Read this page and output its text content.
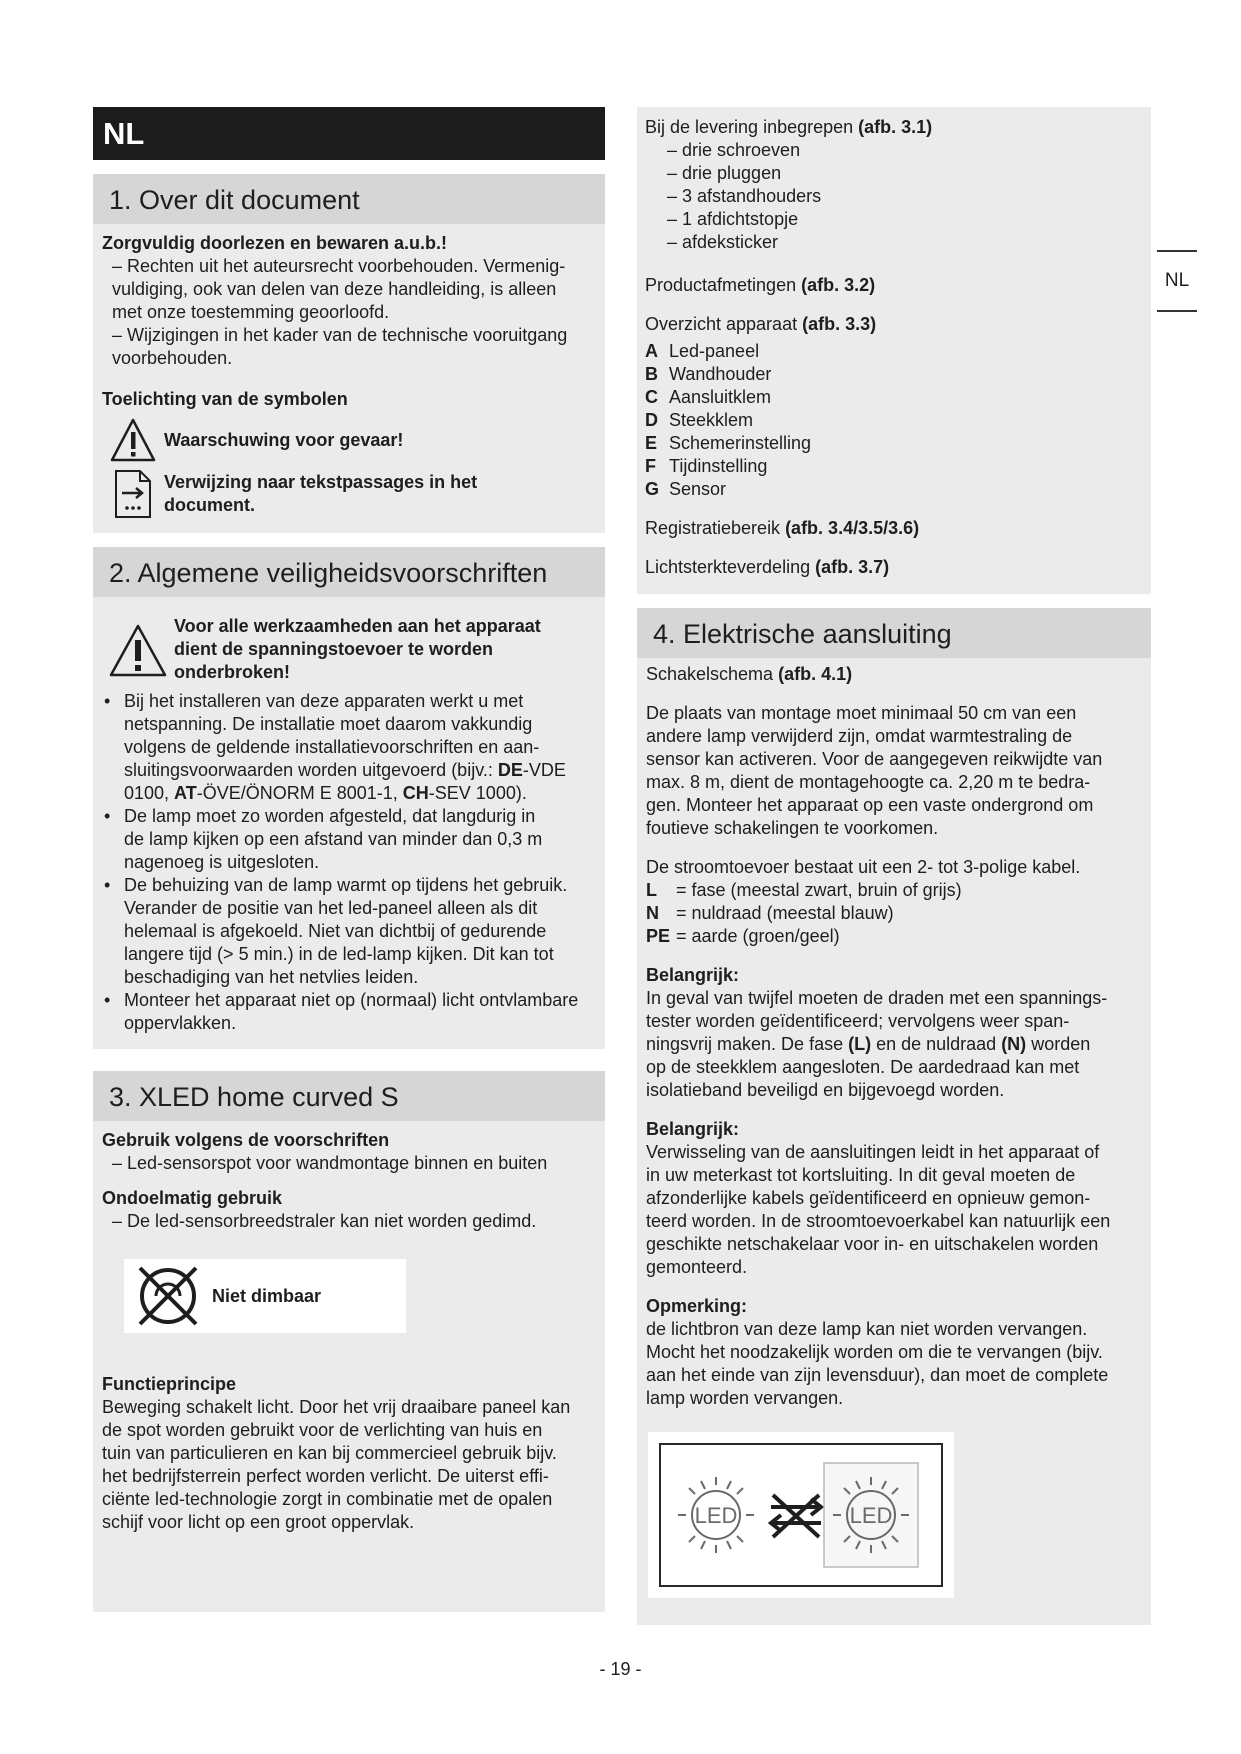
NL
1. Over dit document
Zorgvuldig doorlezen en bewaren a.u.b.!
– Rechten uit het auteursrecht voorbehouden. Vermenig-
vuldiging, ook van delen van deze handleiding, is alleen
met onze toestemming geoorloofd.
– Wijzigingen in het kader van de technische vooruitgang
voorbehouden.
Toelichting van de symbolen
Waarschuwing voor gevaar!
Verwijzing naar tekstpassages in het
document.
2. Algemene veiligheidsvoorschriften
Voor alle werkzaamheden aan het apparaat
dient de spanningstoevoer te worden
onderbroken!
• Bij het installeren van deze apparaten werkt u met
netspanning. De installatie moet daarom vakkundig
volgens de geldende installatievoorschriften en aan-
sluitingsvoorwaarden worden uitgevoerd (bijv.: DE-VDE
0100, AT-ÖVE/ÖNORM E 8001-1, CH-SEV 1000).
• De lamp moet zo worden afgesteld, dat langdurig in
de lamp kijken op een afstand van minder dan 0,3 m
nagenoeg is uitgesloten.
• De behuizing van de lamp warmt op tijdens het gebruik.
Verander de positie van het led-paneel alleen als dit
helemaal is afgekoeld. Niet van dichtbij of gedurende
langere tijd (> 5 min.) in de led-lamp kijken. Dit kan tot
beschadiging van het netvlies leiden.
• Monteer het apparaat niet op (normaal) licht ontvlambare
oppervlakken.
3. XLED home curved S
Gebruik volgens de voorschriften
– Led-sensorspot voor wandmontage binnen en buiten
Ondoelmatig gebruik
– De led-sensorbreedstraler kan niet worden gedimd.
Niet dimbaar
Functieprincipe
Beweging schakelt licht. Door het vrij draaibare paneel kan
de spot worden gebruikt voor de verlichting van huis en
tuin van particulieren en kan bij commercieel gebruik bijv.
het bedrijfsterrein perfect worden verlicht. De uiterst effi-
ciënte led-technologie zorgt in combinatie met de opalen
schijf voor licht op een groot oppervlak.
Bij de levering inbegrepen (afb. 3.1)
– drie schroeven
– drie pluggen
– 3 afstandhouders
– 1 afdichtstopje
– afdeksticker
Productafmetingen (afb. 3.2)
Overzicht apparaat (afb. 3.3)
A Led-paneel
B Wandhouder
C Aansluitklem
D Steekklem
E Schemerinstelling
F Tijdinstelling
G Sensor
Registratiebereik (afb. 3.4/3.5/3.6)
Lichtsterkteverdeling (afb. 3.7)
4. Elektrische aansluiting
Schakelschema (afb. 4.1)
De plaats van montage moet minimaal 50 cm van een
andere lamp verwijderd zijn, omdat warmtestraling de
sensor kan activeren. Voor de aangegeven reikwijdte van
max. 8 m, dient de montagehoogte ca. 2,20 m te bedra-
gen. Monteer het apparaat op een vaste ondergrond om
foutieve schakelingen te voorkomen.
De stroomtoevoer bestaat uit een 2- tot 3-polige kabel.
L = fase (meestal zwart, bruin of grijs)
N = nuldraad (meestal blauw)
PE = aarde (groen/geel)
Belangrijk:
In geval van twijfel moeten de draden met een spannings-
tester worden geïdentificeerd; vervolgens weer span-
ningsvrij maken. De fase (L) en de nuldraad (N) worden
op de steekklem aangesloten. De aardedraad kan met
isolatieband beveiligd en bijgevoegd worden.
Belangrijk:
Verwisseling van de aansluitingen leidt in het apparaat of
in uw meterkast tot kortsluiting. In dit geval moeten de
afzonderlijke kabels geïdentificeerd en opnieuw gemon-
teerd worden. In de stroomtoevoerkabel kan natuurlijk een
geschikte netschakelaar voor in- en uitschakelen worden
gemonteerd.
Opmerking:
de lichtbron van deze lamp kan niet worden vervangen.
Mocht het noodzakelijk worden om die te vervangen (bijv.
aan het einde van zijn levensduur), dan moet de complete
lamp worden vervangen.
LED	LED
NL
- 19 -
